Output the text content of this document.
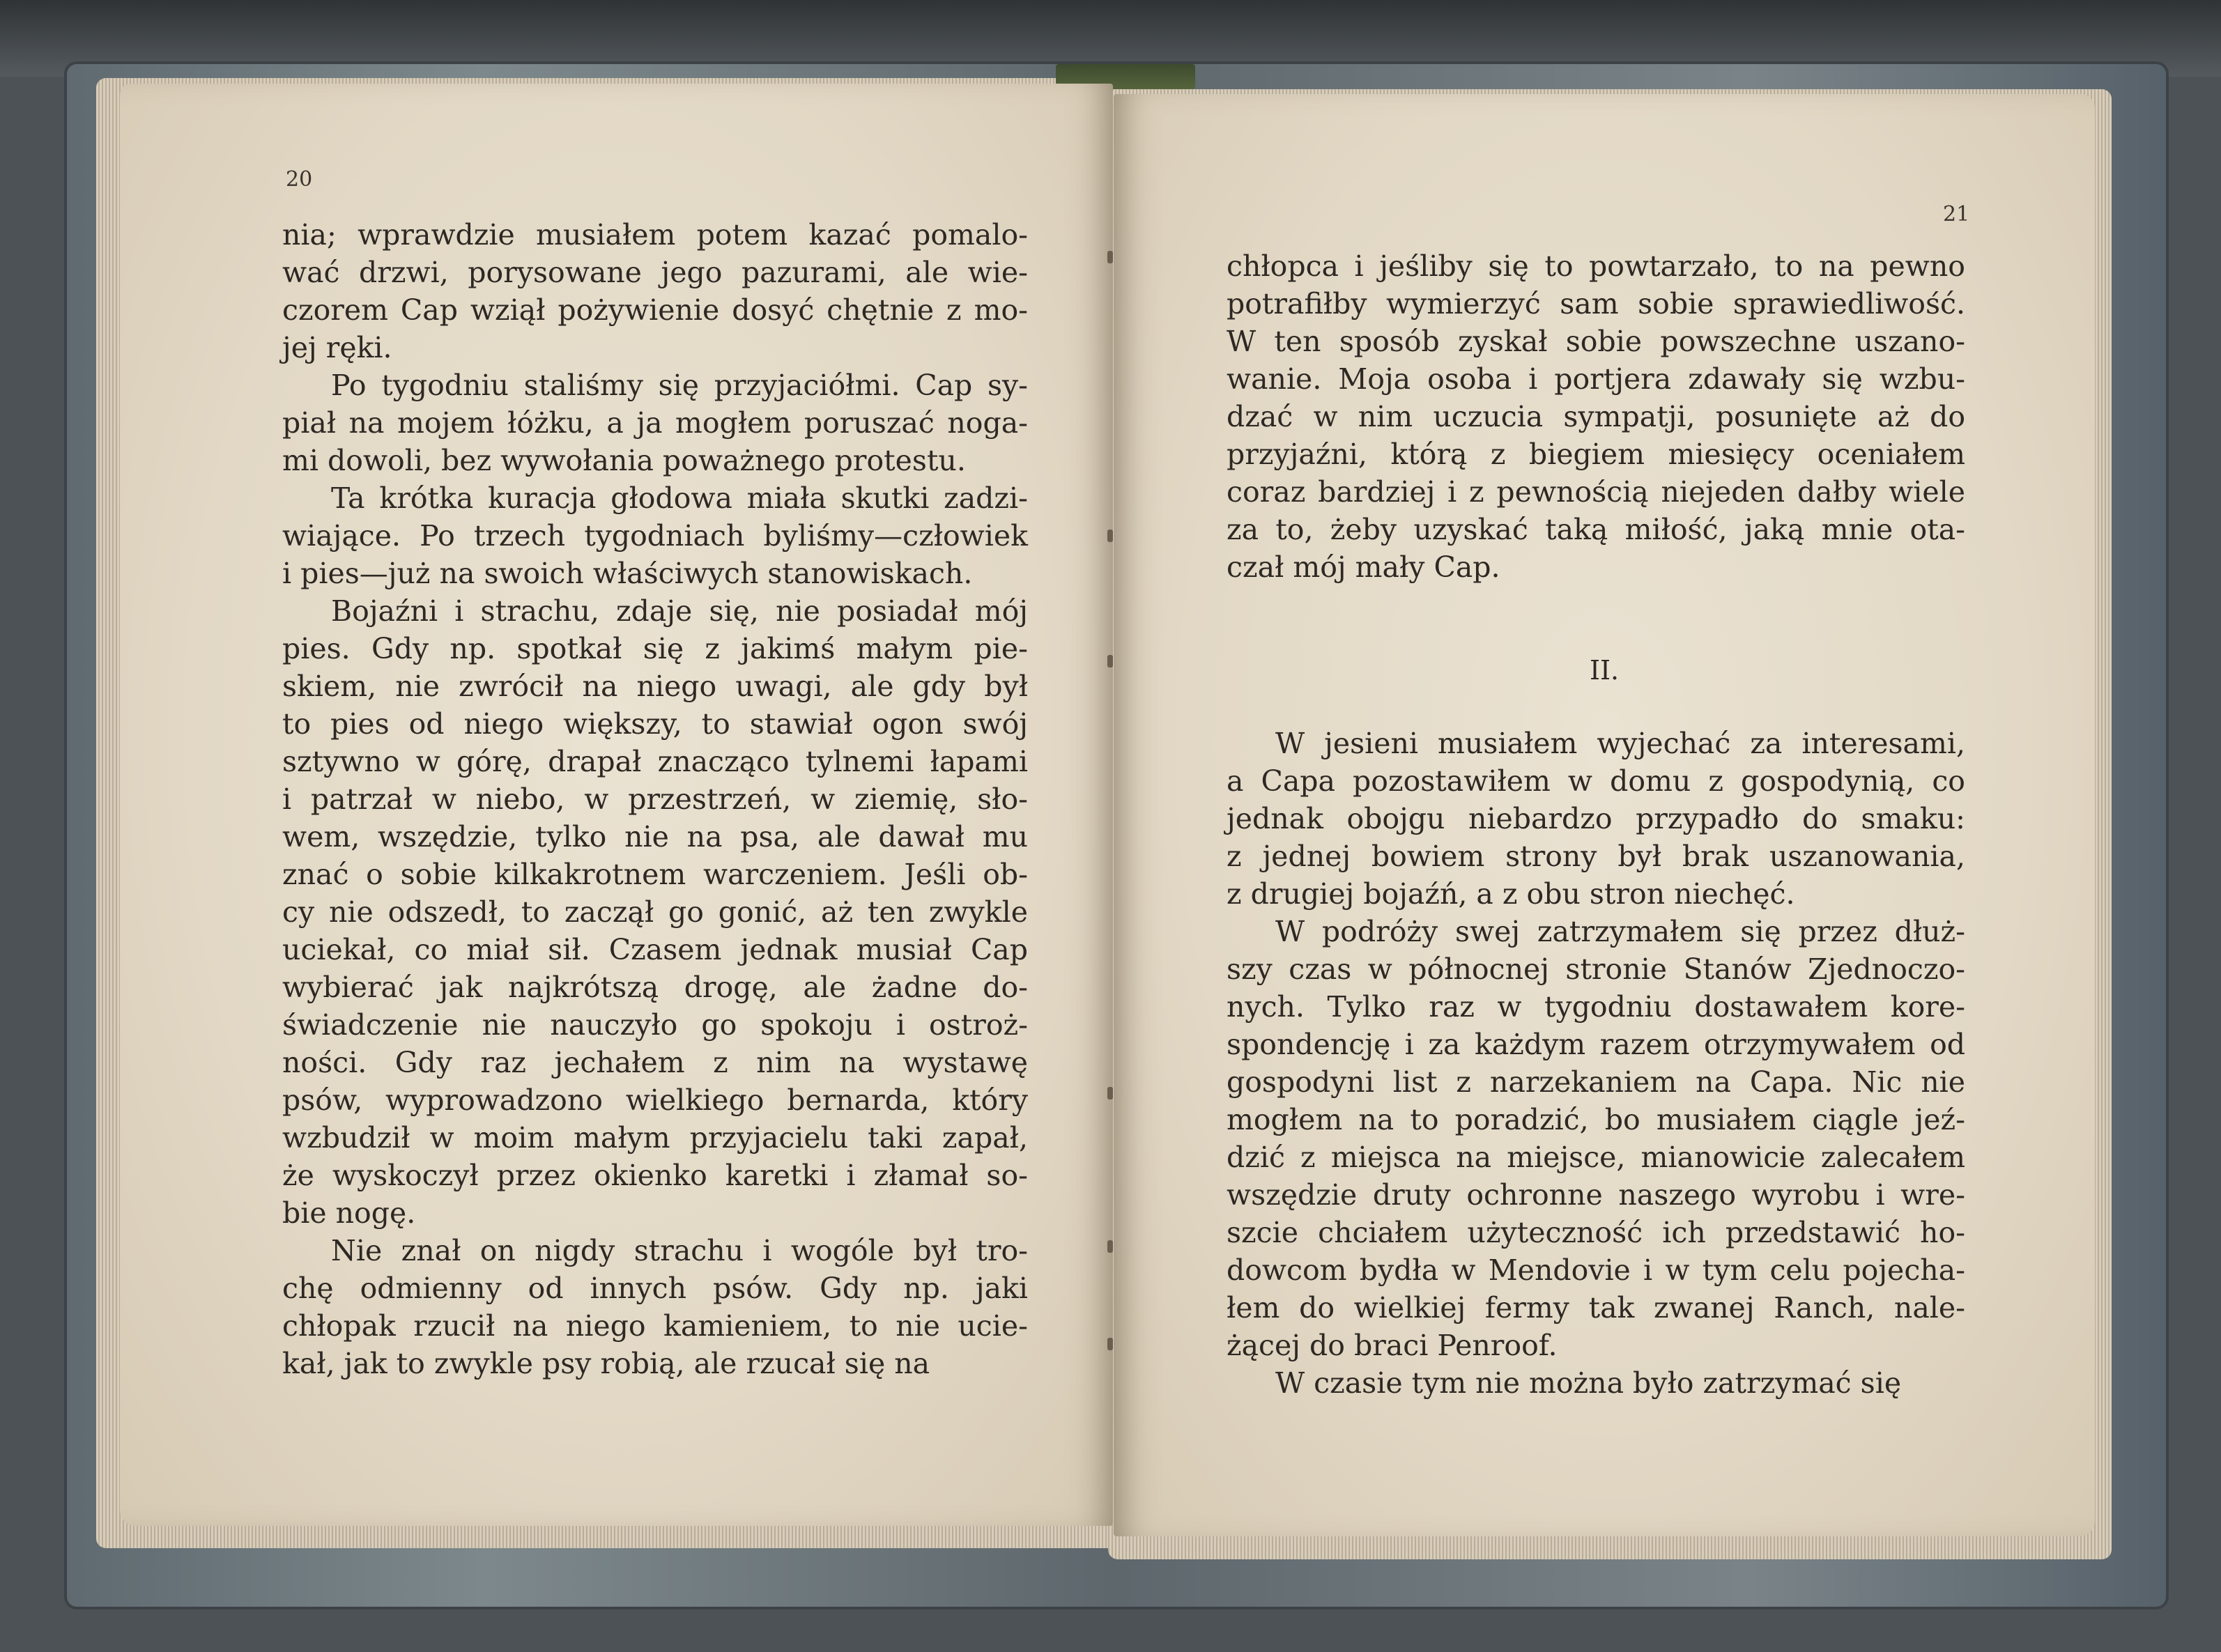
20
21
nia; wprawdzie musiałem potem kazać pomalo-
wać drzwi, porysowane jego pazurami, ale wie-
czorem Cap wziął pożywienie dosyć chętnie z mo-
jej ręki.
Po tygodniu staliśmy się przyjaciółmi. Cap sy-
piał na mojem łóżku, a ja mogłem poruszać noga-
mi dowoli, bez wywołania poważnego protestu.
Ta krótka kuracja głodowa miała skutki zadzi-
wiające. Po trzech tygodniach byliśmy—człowiek
i pies—już na swoich właściwych stanowiskach.
Bojaźni i strachu, zdaje się, nie posiadał mój
pies. Gdy np. spotkał się z jakimś małym pie-
skiem, nie zwrócił na niego uwagi, ale gdy był
to pies od niego większy, to stawiał ogon swój
sztywno w górę, drapał znacząco tylnemi łapami
i patrzał w niebo, w przestrzeń, w ziemię, sło-
wem, wszędzie, tylko nie na psa, ale dawał mu
znać o sobie kilkakrotnem warczeniem. Jeśli ob-
cy nie odszedł, to zaczął go gonić, aż ten zwykle
uciekał, co miał sił. Czasem jednak musiał Cap
wybierać jak najkrótszą drogę, ale żadne do-
świadczenie nie nauczyło go spokoju i ostroż-
ności. Gdy raz jechałem z nim na wystawę
psów, wyprowadzono wielkiego bernarda, który
wzbudził w moim małym przyjacielu taki zapał,
że wyskoczył przez okienko karetki i złamał so-
bie nogę.
Nie znał on nigdy strachu i wogóle był tro-
chę odmienny od innych psów. Gdy np. jaki
chłopak rzucił na niego kamieniem, to nie ucie-
kał, jak to zwykle psy robią, ale rzucał się na
chłopca i jeśliby się to powtarzało, to na pewno
potrafiłby wymierzyć sam sobie sprawiedliwość.
W ten sposób zyskał sobie powszechne uszano-
wanie. Moja osoba i portjera zdawały się wzbu-
dzać w nim uczucia sympatji, posunięte aż do
przyjaźni, którą z biegiem miesięcy oceniałem
coraz bardziej i z pewnością niejeden dałby wiele
za to, żeby uzyskać taką miłość, jaką mnie ota-
czał mój mały Cap.
II.
W jesieni musiałem wyjechać za interesami,
a Capa pozostawiłem w domu z gospodynią, co
jednak obojgu niebardzo przypadło do smaku:
z jednej bowiem strony był brak uszanowania,
z drugiej bojaźń, a z obu stron niechęć.
W podróży swej zatrzymałem się przez dłuż-
szy czas w północnej stronie Stanów Zjednoczo-
nych. Tylko raz w tygodniu dostawałem kore-
spondencję i za każdym razem otrzymywałem od
gospodyni list z narzekaniem na Capa. Nic nie
mogłem na to poradzić, bo musiałem ciągle jeź-
dzić z miejsca na miejsce, mianowicie zalecałem
wszędzie druty ochronne naszego wyrobu i wre-
szcie chciałem użyteczność ich przedstawić ho-
dowcom bydła w Mendovie i w tym celu pojecha-
łem do wielkiej fermy tak zwanej Ranch, nale-
żącej do braci Penroof.
W czasie tym nie można było zatrzymać się
